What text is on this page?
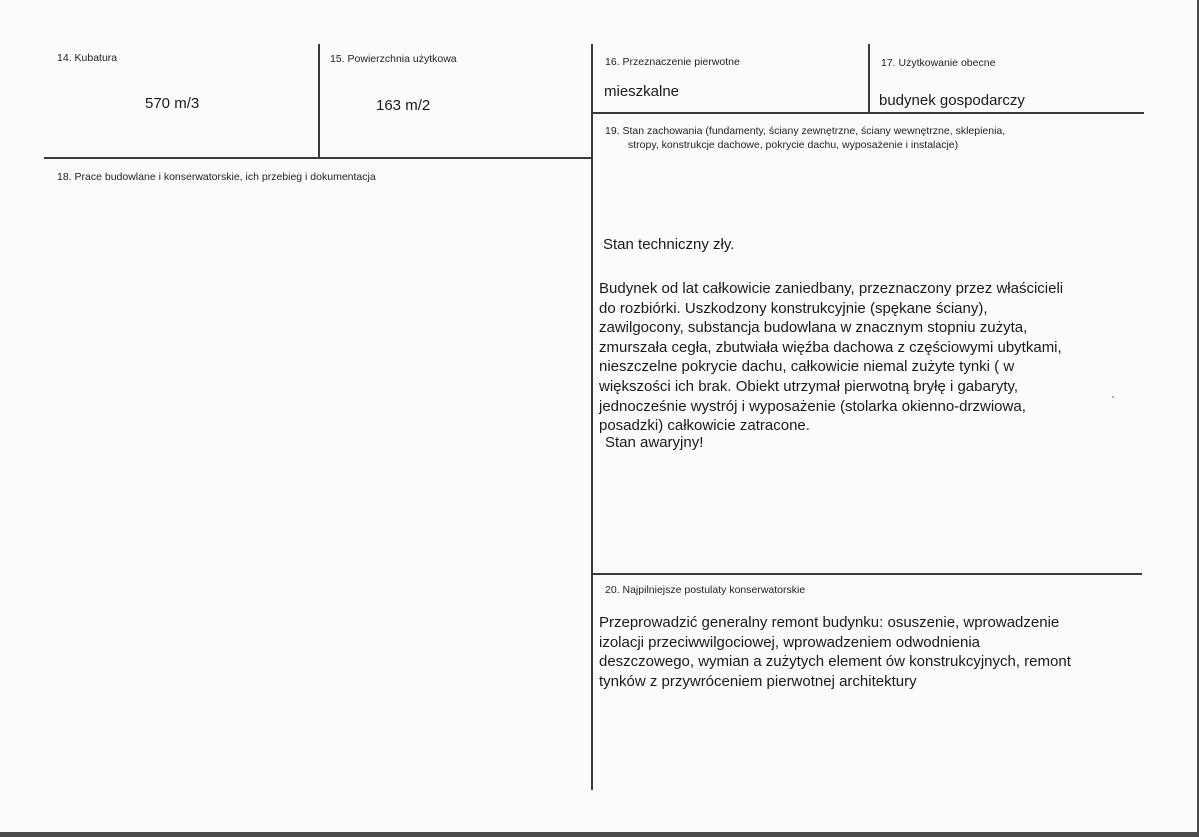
14. Kubatura
570 m/3
15. Powierzchnia użytkowa
163 m/2
16. Przeznaczenie pierwotne
mieszkalne
17. Użytkowanie obecne
budynek gospodarczy
18. Prace budowlane i konserwatorskie, ich przebieg i dokumentacja
19. Stan zachowania (fundamenty, ściany zewnętrzne, ściany wewnętrzne, sklepienia,
stropy, konstrukcje dachowe, pokrycie dachu, wyposażenie i instalacje)
Stan techniczny zły.

Budynek od lat całkowicie zaniedbany, przeznaczony przez właścicieli
do rozbiórki. Uszkodzony konstrukcyjnie (spękane ściany),
zawilgocony, substancja budowlana w znacznym stopniu zużyta,
zmurszała cegła, zbutwiała więźba dachowa z częściowymi ubytkami,
nieszczelne pokrycie dachu, całkowicie niemal zużyte tynki ( w
większości ich brak. Obiekt utrzymał pierwotną bryłę i gabaryty,
jednocześnie wystrój i wyposażenie (stolarka okienno-drzwiowa,
posadzki) całkowicie zatracone.

Stan awaryjny!
20. Najpilniejsze postulaty konserwatorskie

Przeprowadzić generalny remont budynku: osuszenie, wprowadzenie
izolacji przeciwwilgociowej, wprowadzeniem odwodnienia
deszczowego, wymian a zużytych element ów konstrukcyjnych, remont
tynków z przywróceniem pierwotnej architektury
